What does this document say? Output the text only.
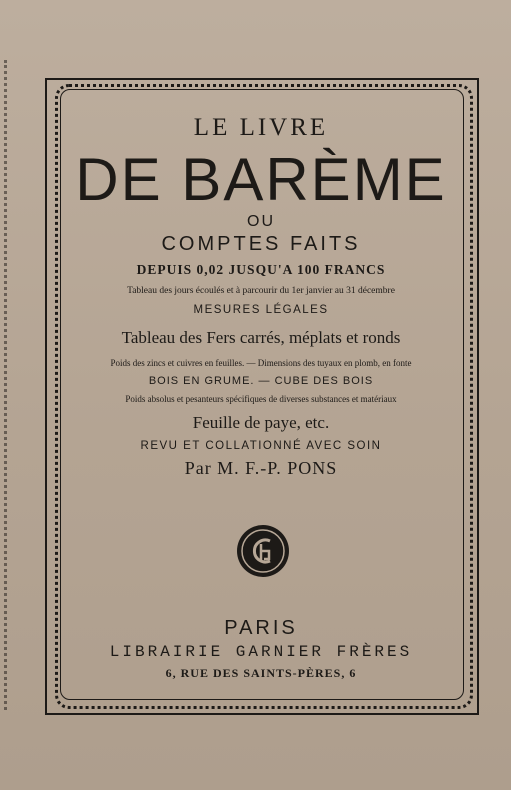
LE LIVRE
DE BARÈME
OU
COMPTES FAITS
DEPUIS 0,02 JUSQU'A 100 FRANCS
Tableau des jours écoulés et à parcourir du 1er janvier au 31 décembre
MESURES LÉGALES
Tableau des Fers carrés, méplats et ronds
Poids des zincs et cuivres en feuilles. — Dimensions des tuyaux en plomb, en fonte
BOIS EN GRUME. — CUBE DES BOIS
Poids absolus et pesanteurs spécifiques de diverses substances et matériaux
Feuille de paye, etc.
REVU ET COLLATIONNÉ AVEC SOIN
Par M. F.-P. PONS
PARIS
LIBRAIRIE GARNIER FRÈRES
6, RUE DES SAINTS-PÈRES, 6
